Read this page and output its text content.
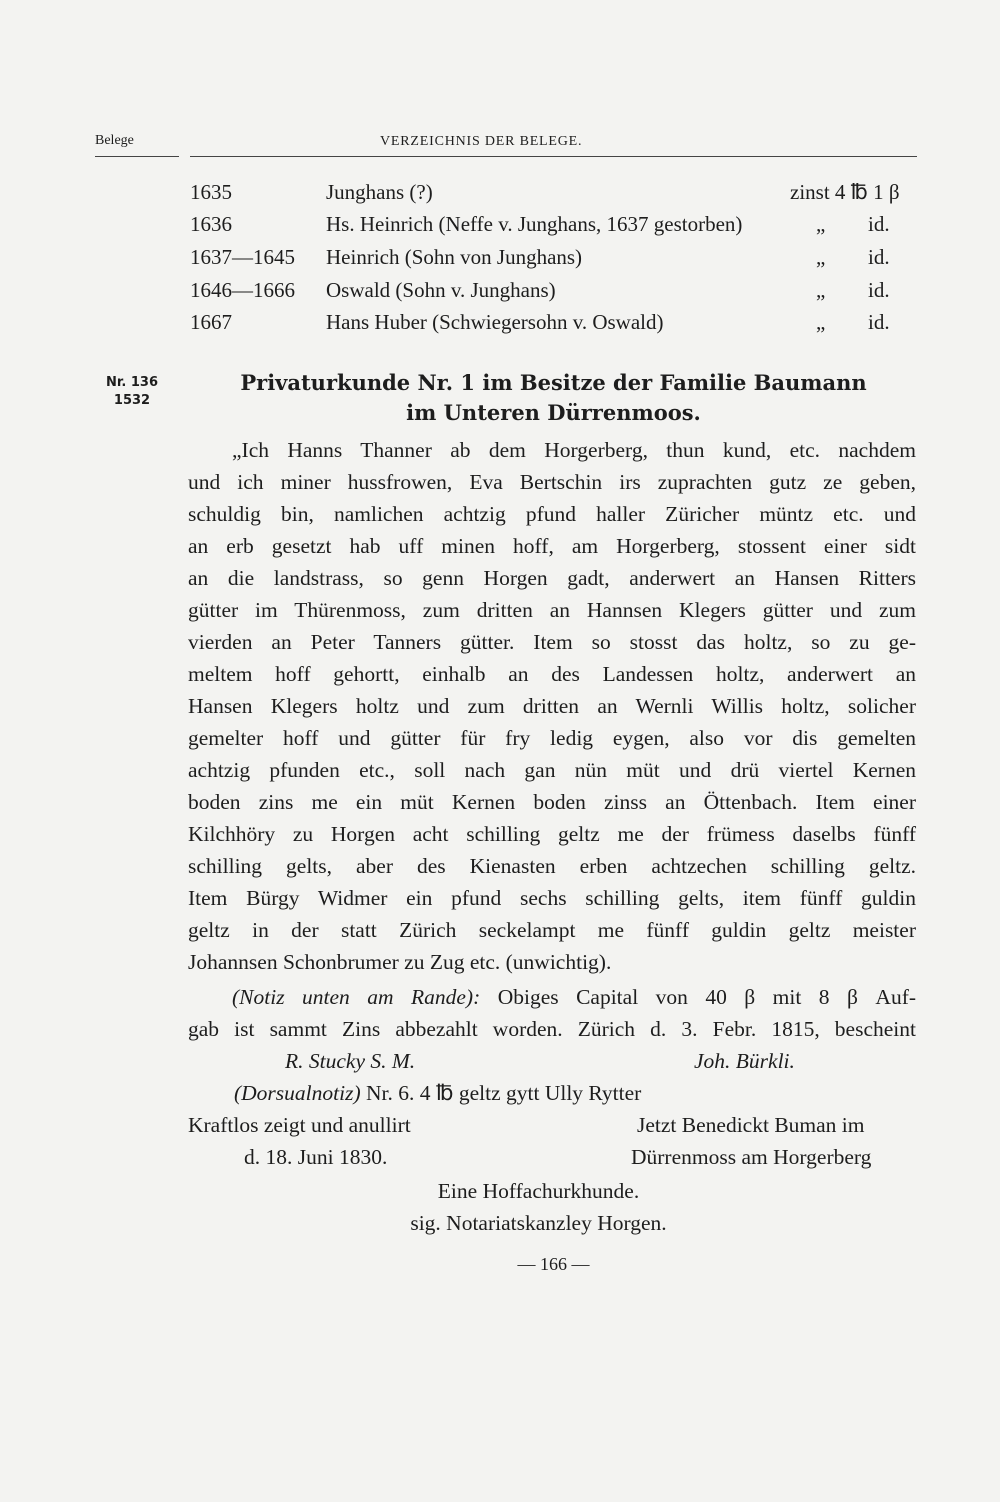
Belege	VERZEICHNIS DER BELEGE.
1635	Junghans (?)	zinst 4 ℔ 1 β
1636	Hs. Heinrich (Neffe v. Junghans, 1637 gestorben)	„ id.
1637—1645 Heinrich (Sohn von Junghans)	„ id.
1646—1666 Oswald (Sohn v. Junghans)	„ id.
1667	Hans Huber (Schwiegersohn v. Oswald)	„ id.
Nr. 136
1532
Privaturkunde Nr. 1 im Besitze der Familie Baumann
im Unteren Dürrenmoos.
„Ich Hanns Thanner ab dem Horgerberg, thun kund, etc. nachdem
und ich miner hussfrowen, Eva Bertschin irs zuprachten gutz ze geben,
schuldig bin, namlichen achtzig pfund haller Züricher müntz etc. und
an erb gesetzt hab uff minen hoff, am Horgerberg, stossent einer sidt
an die landstrass, so genn Horgen gadt, anderwert an Hansen Ritters
gütter im Thürenmoss, zum dritten an Hannsen Klegers gütter und zum
vierden an Peter Tanners gütter. Item so stosst das holtz, so zu ge-
meltem hoff gehortt, einhalb an des Landessen holtz, anderwert an
Hansen Klegers holtz und zum dritten an Wernli Willis holtz, solicher
gemelter hoff und gütter für fry ledig eygen, also vor dis gemelten
achtzig pfunden etc., soll nach gan nün müt und drü viertel Kernen
boden zins me ein müt Kernen boden zinss an Öttenbach. Item einer
Kilchhöry zu Horgen acht schilling geltz me der frümess daselbs fünff
schilling gelts, aber des Kienasten erben achtzechen schilling geltz.
Item Bürgy Widmer ein pfund sechs schilling gelts, item fünff guldin
geltz in der statt Zürich seckelampt me fünff guldin geltz meister
Johannsen Schonbrumer zu Zug etc. (unwichtig).
(Notiz unten am Rande): Obiges Capital von 40 β mit 8 β Auf-
gab ist sammt Zins abbezahlt worden. Zürich d. 3. Febr. 1815, bescheint
R. Stucky S. M.	Joh. Bürkli.
(Dorsualnotiz) Nr. 6. 4 ℔ geltz gytt Ully Rytter
Kraftlos zeigt und anullirt
d. 18. Juni 1830.
Jetzt Benedickt Buman im
Dürrenmoss am Horgerberg
Eine Hoffachurkhunde.
sig. Notariatskanzley Horgen.
— 166 —
